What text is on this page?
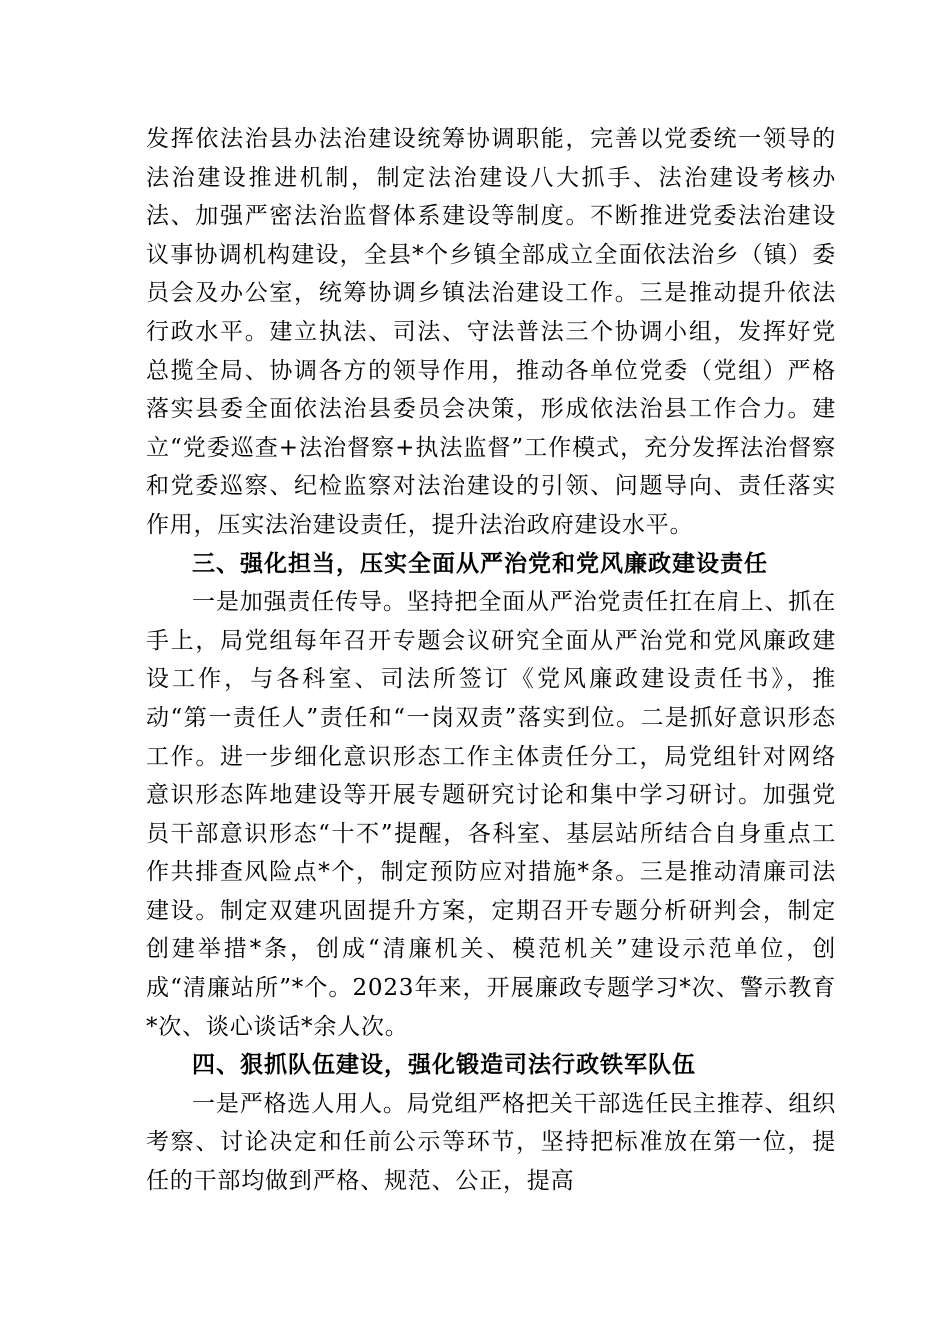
发挥依法治县办法治建设统筹协调职能，完善以党委统一领导的法治建设推进机制，制定法治建设八大抓手、法治建设考核办法、加强严密法治监督体系建设等制度。不断推进党委法治建设议事协调机构建设，全县*个乡镇全部成立全面依法治乡（镇）委员会及办公室，统筹协调乡镇法治建设工作。三是推动提升依法行政水平。建立执法、司法、守法普法三个协调小组，发挥好党总揽全局、协调各方的领导作用，推动各单位党委（党组）严格落实县委全面依法治县委员会决策，形成依法治县工作合力。建立“党委巡查+法治督察+执法监督”工作模式，充分发挥法治督察和党委巡察、纪检监察对法治建设的引领、问题导向、责任落实作用，压实法治建设责任，提升法治政府建设水平。

三、强化担当，压实全面从严治党和党风廉政建设责任

一是加强责任传导。坚持把全面从严治党责任扛在肩上、抓在手上，局党组每年召开专题会议研究全面从严治党和党风廉政建设工作，与各科室、司法所签订《党风廉政建设责任书》，推动“第一责任人”责任和“一岗双责”落实到位。二是抓好意识形态工作。进一步细化意识形态工作主体责任分工，局党组针对网络意识形态阵地建设等开展专题研究讨论和集中学习研讨。加强党员干部意识形态“十不”提醒，各科室、基层站所结合自身重点工作共排查风险点*个，制定预防应对措施*条。三是推动清廉司法建设。制定双建巩固提升方案，定期召开专题分析研判会，制定创建举措*条，创成“清廉机关、模范机关”建设示范单位，创成“清廉站所”*个。2023年来，开展廉政专题学习*次、警示教育*次、谈心谈话*余人次。

四、狠抓队伍建设，强化锻造司法行政铁军队伍

一是严格选人用人。局党组严格把关干部选任民主推荐、组织考察、讨论决定和任前公示等环节，坚持把标准放在第一位，提任的干部均做到严格、规范、公正，提高
